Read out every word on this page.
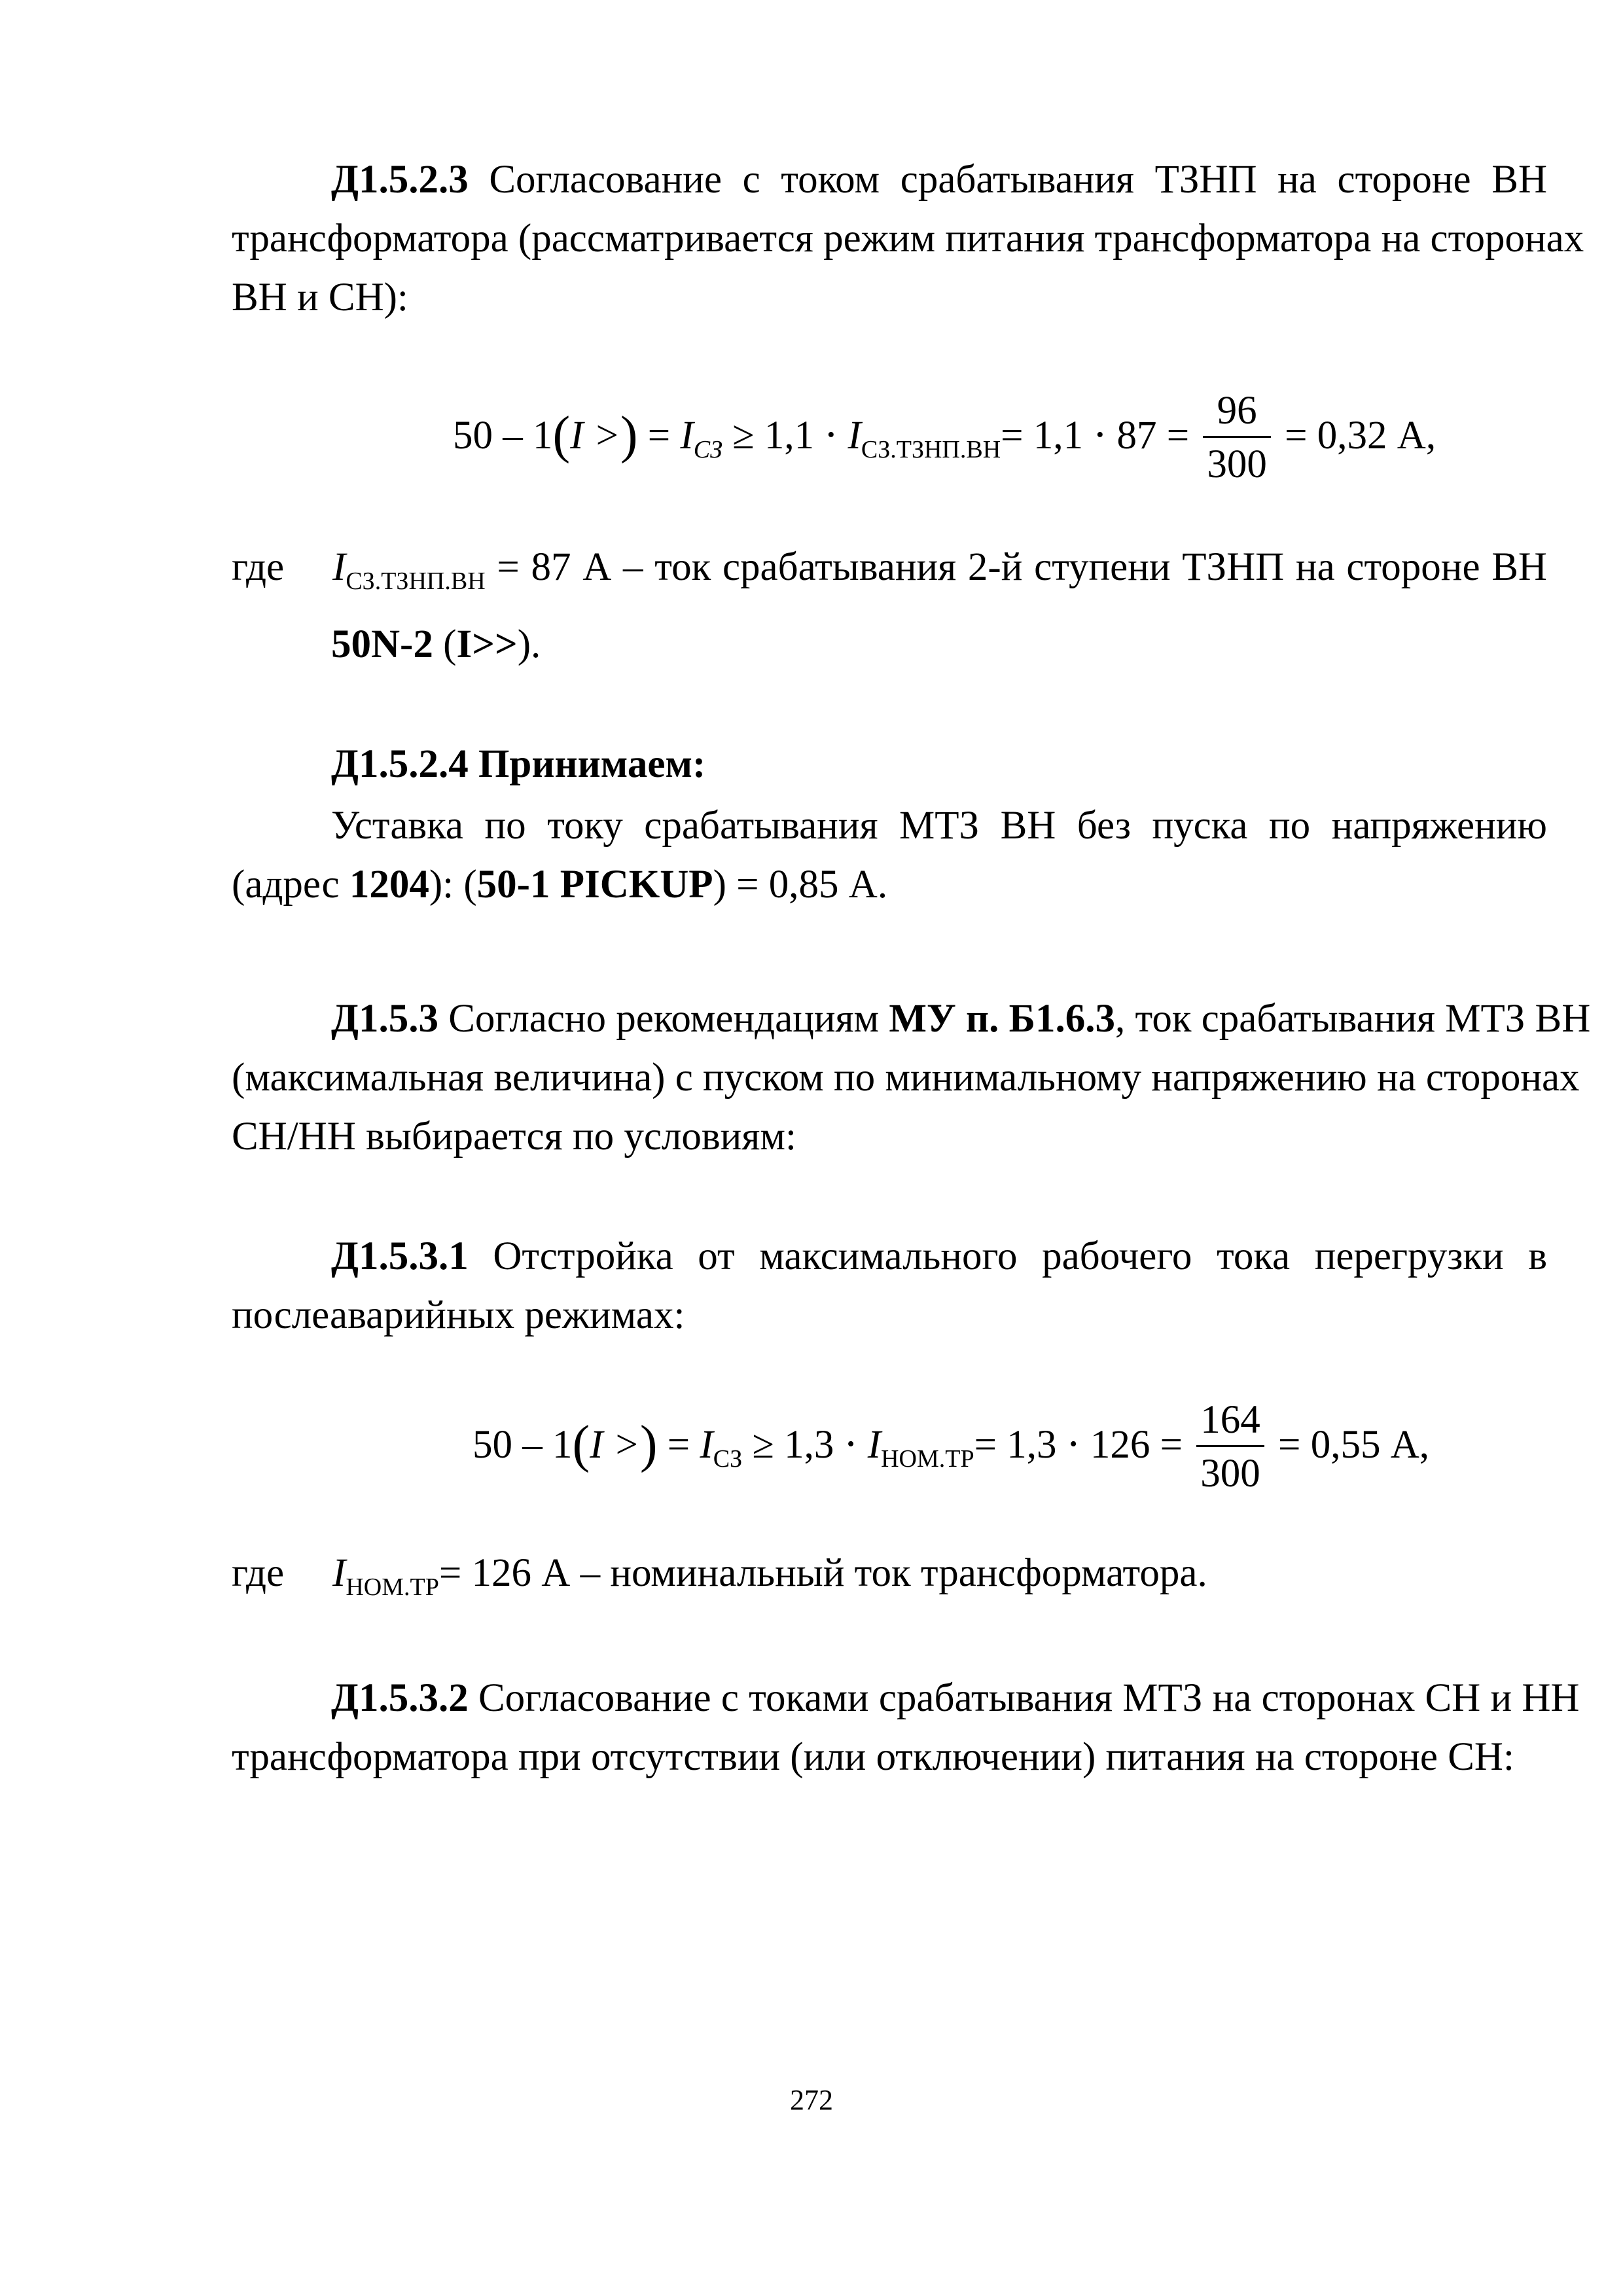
Д1.5.2.3 Согласование с током срабатывания ТЗНП на стороне ВН
трансформатора (рассматривается режим питания трансформатора на сторонах
ВН и СН):
50 – 1(I >) = $I_{СЗ} \ge 1,1 \cdot I_{СЗ.ТЗНП.ВН}= 1,1 \cdot 87 = \frac{96}{300} = 0,32$ А,
где $I_{СЗ.ТЗНП.ВН} = 87$ А – ток срабатывания 2-й ступени ТЗНП на стороне ВН
50N-2 (I>>).
Д1.5.2.4 Принимаем:
Уставка по току срабатывания МТЗ ВН без пуска по напряжению
(адрес 1204): (50-1 PICKUP) = 0,85 А.
Д1.5.3 Согласно рекомендациям МУ п. Б1.6.3, ток срабатывания МТЗ ВН
(максимальная величина) с пуском по минимальному напряжению на сторонах
СН/НН выбирается по условиям:
Д1.5.3.1 Отстройка от максимального рабочего тока перегрузки в
послеаварийных режимах:
50 – 1(I >) = $I_{СЗ} \ge 1,3 \cdot I_{НОМ.ТР}= 1,3 \cdot 126 = \frac{164}{300} = 0,55$ А,
где $I_{НОМ.ТР}= 126$ А – номинальный ток трансформатора.
Д1.5.3.2 Согласование с токами срабатывания МТЗ на сторонах СН и НН
трансформатора при отсутствии (или отключении) питания на стороне СН:
272
